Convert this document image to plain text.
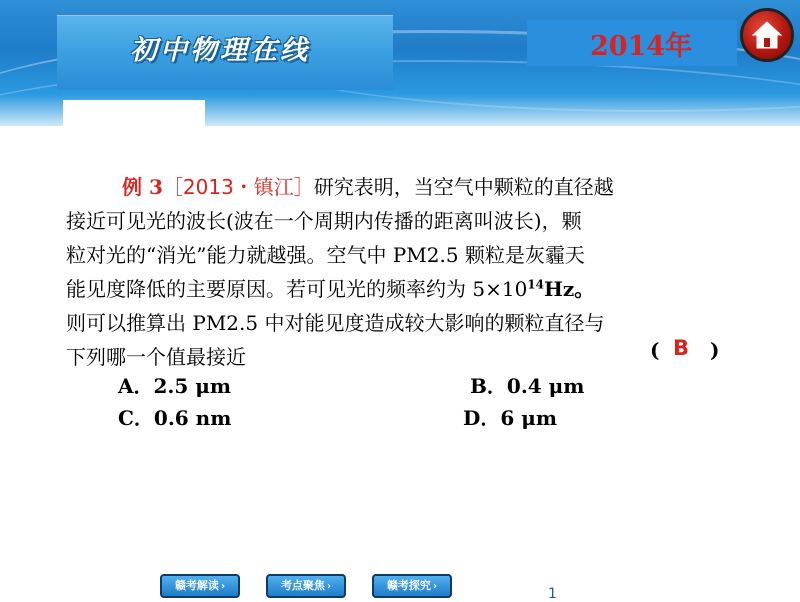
初中物理在线	2014年
例 3［2013・镇江］研究表明，当空气中颗粒的直径越
接近可见光的波长(波在一个周期内传播的距离叫波长)，颗
粒对光的“消光”能力就越强。空气中 PM2.5 颗粒是灰霾天
能见度降低的主要原因。若可见光的频率约为 $5\times 10^{14}Hz$。
则可以推算出 PM2.5 中对能见度造成较大影响的颗粒直径与
下列哪一个值最接近	( B )
A．2.5 μm	B．0.4 μm
C．0.6 nm	D．6 μm
赣考解读 ›	考点聚焦 ›	赣考探究 ›	1
